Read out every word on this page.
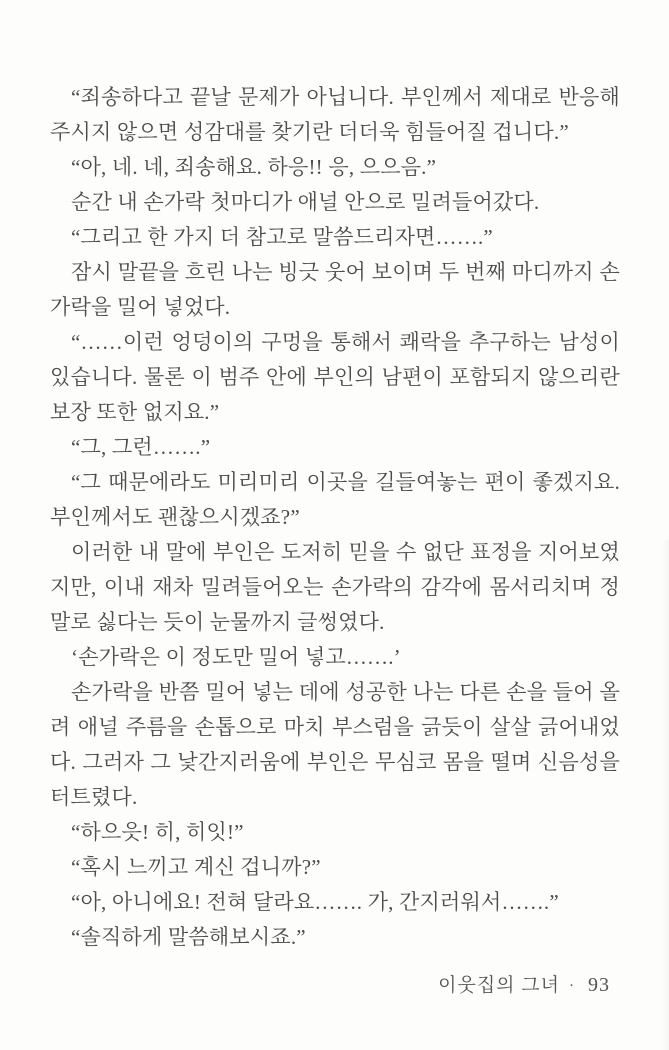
“죄송하다고 끝날 문제가 아닙니다. 부인께서 제대로 반응해 주시지 않으면 성감대를 찾기란 더더욱 힘들어질 겁니다.”

“아, 네. 네, 죄송해요. 하응!! 응, 으으음.”

순간 내 손가락 첫마디가 애널 안으로 밀려들어갔다.

“그리고 한 가지 더 참고로 말씀드리자면…….”

잠시 말끝을 흐린 나는 빙긋 웃어 보이며 두 번째 마디까지 손가락을 밀어 넣었다.

“……이런 엉덩이의 구멍을 통해서 쾌락을 추구하는 남성이 있습니다. 물론 이 범주 안에 부인의 남편이 포함되지 않으리란 보장 또한 없지요.”

“그, 그런…….”

“그 때문에라도 미리미리 이곳을 길들여놓는 편이 좋겠지요. 부인께서도 괜찮으시겠죠?”

이러한 내 말에 부인은 도저히 믿을 수 없단 표정을 지어보였지만, 이내 재차 밀려들어오는 손가락의 감각에 몸서리치며 정말로 싫다는 듯이 눈물까지 글썽였다.

‘손가락은 이 정도만 밀어 넣고…….’

손가락을 반쯤 밀어 넣는 데에 성공한 나는 다른 손을 들어 올려 애널 주름을 손톱으로 마치 부스럼을 긁듯이 살살 긁어내었다. 그러자 그 낯간지러움에 부인은 무심코 몸을 떨며 신음성을 터트렸다.

“하으읏! 히, 히잇!”

“혹시 느끼고 계신 겁니까?”

“아, 아니에요! 전혀 달라요……. 가, 간지러워서…….”

“솔직하게 말씀해보시죠.”

이웃집의 그녀 · 93
